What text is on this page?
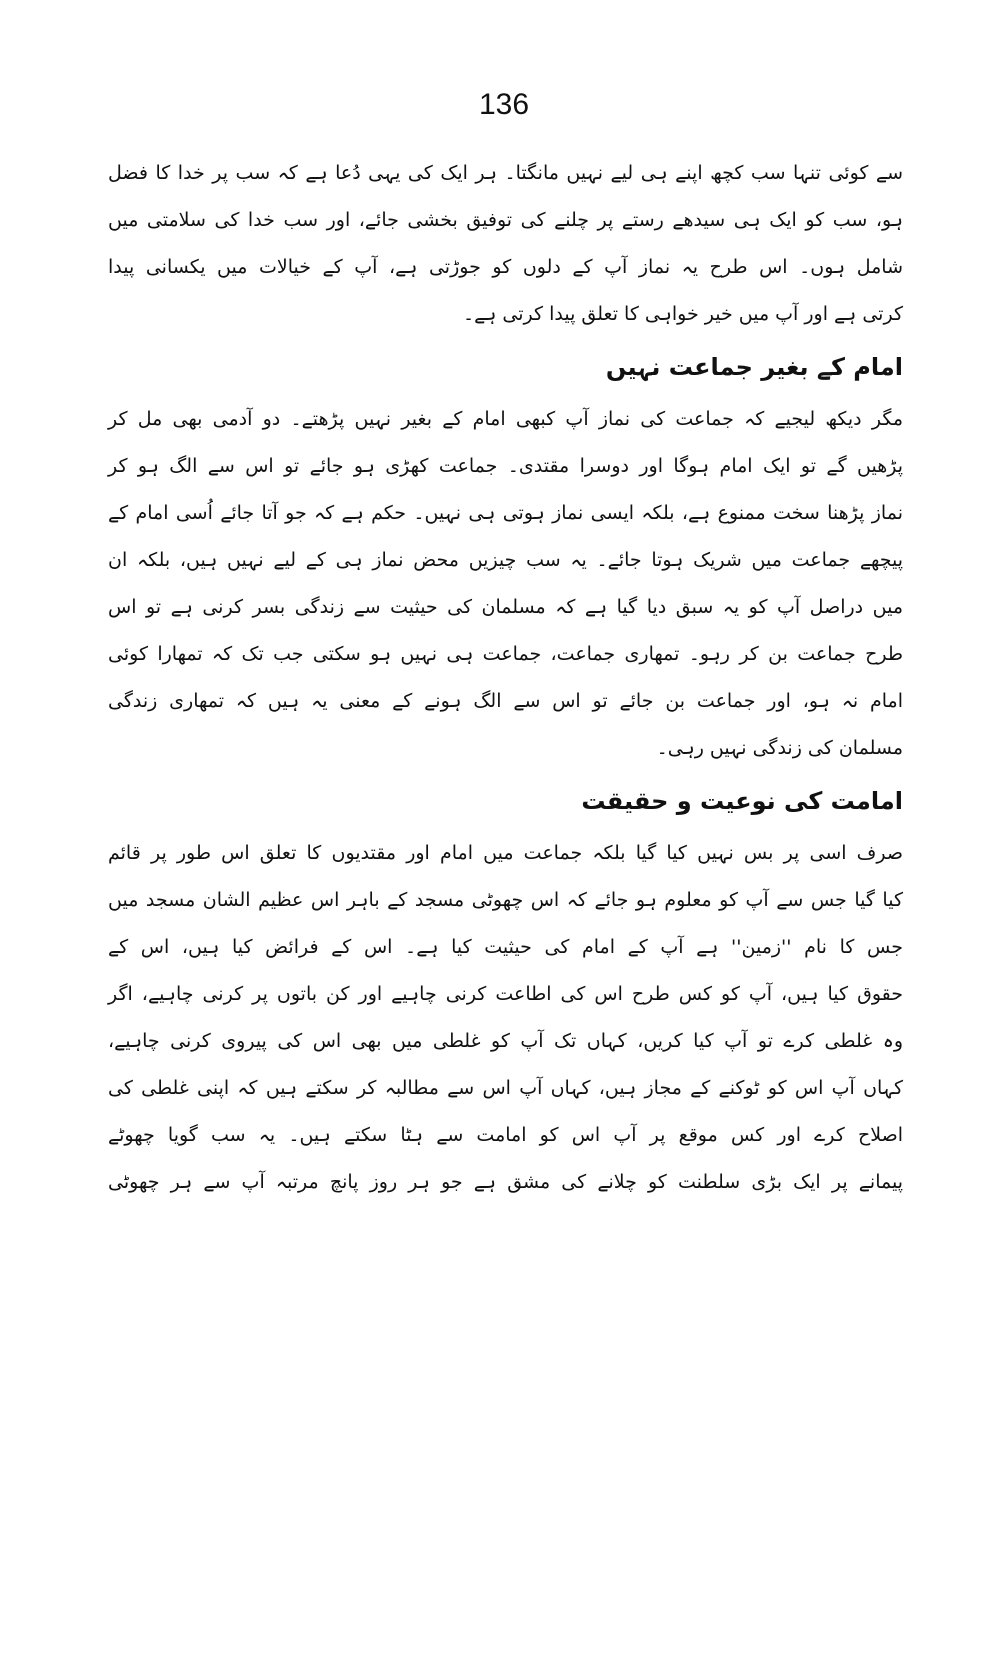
136
سے کوئی تنہا سب کچھ اپنے ہی لیے نہیں مانگتا۔ ہر ایک کی یہی دُعا ہے کہ سب پر خدا کا فضل
ہو، سب کو ایک ہی سیدھے رستے پر چلنے کی توفیق بخشی جائے، اور سب خدا کی سلامتی میں
شامل ہوں۔ اس طرح یہ نماز آپ کے دلوں کو جوڑتی ہے، آپ کے خیالات میں یکسانی پیدا
کرتی ہے اور آپ میں خیر خواہی کا تعلق پیدا کرتی ہے۔
امام کے بغیر جماعت نہیں
مگر دیکھ لیجیے کہ جماعت کی نماز آپ کبھی امام کے بغیر نہیں پڑھتے۔ دو آدمی بھی مل کر
پڑھیں گے تو ایک امام ہوگا اور دوسرا مقتدی۔ جماعت کھڑی ہو جائے تو اس سے الگ ہو کر
نماز پڑھنا سخت ممنوع ہے، بلکہ ایسی نماز ہوتی ہی نہیں۔ حکم ہے کہ جو آتا جائے اُسی امام کے
پیچھے جماعت میں شریک ہوتا جائے۔ یہ سب چیزیں محض نماز ہی کے لیے نہیں ہیں، بلکہ ان
میں دراصل آپ کو یہ سبق دیا گیا ہے کہ مسلمان کی حیثیت سے زندگی بسر کرنی ہے تو اس
طرح جماعت بن کر رہو۔ تمھاری جماعت، جماعت ہی نہیں ہو سکتی جب تک کہ تمھارا کوئی
امام نہ ہو، اور جماعت بن جائے تو اس سے الگ ہونے کے معنی یہ ہیں کہ تمھاری زندگی
مسلمان کی زندگی نہیں رہی۔
امامت کی نوعیت و حقیقت
صرف اسی پر بس نہیں کیا گیا بلکہ جماعت میں امام اور مقتدیوں کا تعلق اس طور پر قائم
کیا گیا جس سے آپ کو معلوم ہو جائے کہ اس چھوٹی مسجد کے باہر اس عظیم الشان مسجد میں
جس کا نام ''زمین'' ہے آپ کے امام کی حیثیت کیا ہے۔ اس کے فرائض کیا ہیں، اس کے
حقوق کیا ہیں، آپ کو کس طرح اس کی اطاعت کرنی چاہیے اور کن باتوں پر کرنی چاہیے، اگر
وہ غلطی کرے تو آپ کیا کریں، کہاں تک آپ کو غلطی میں بھی اس کی پیروی کرنی چاہیے،
کہاں آپ اس کو ٹوکنے کے مجاز ہیں، کہاں آپ اس سے مطالبہ کر سکتے ہیں کہ اپنی غلطی کی
اصلاح کرے اور کس موقع پر آپ اس کو امامت سے ہٹا سکتے ہیں۔ یہ سب گویا چھوٹے
پیمانے پر ایک بڑی سلطنت کو چلانے کی مشق ہے جو ہر روز پانچ مرتبہ آپ سے ہر چھوٹی
